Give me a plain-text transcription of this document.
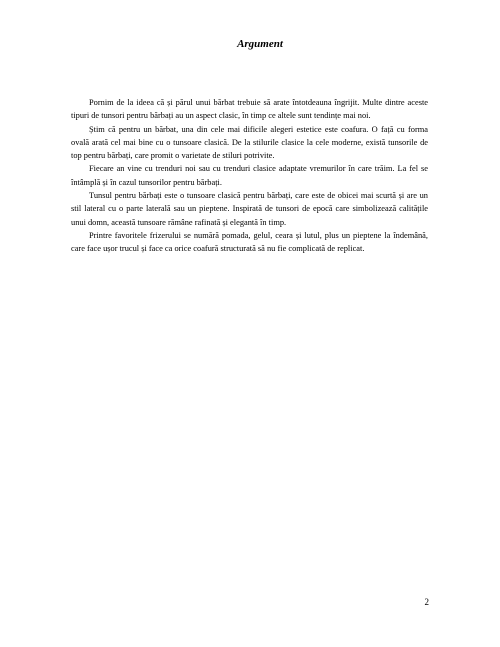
Argument

Pornim de la ideea că și părul unui bărbat trebuie să arate întotdeauna îngrijit. Multe dintre aceste tipuri de tunsori pentru bărbați au un aspect clasic, în timp ce altele sunt tendințe mai noi.

Știm că pentru un bărbat, una din cele mai dificile alegeri estetice este coafura. O față cu forma ovală arată cel mai bine cu o tunsoare clasică. De la stilurile clasice la cele moderne, există tunsorile de top pentru bărbați, care promit o varietate de stiluri potrivite.

Fiecare an vine cu trenduri noi sau cu trenduri clasice adaptate vremurilor în care trăim. La fel se întâmplă și în cazul tunsorilor pentru bărbați.

Tunsul pentru bărbați este o tunsoare clasică pentru bărbați, care este de obicei mai scurtă și are un stil lateral cu o parte laterală sau un pieptene. Inspirată de tunsori de epocă care simbolizează calitățile unui domn, această tunsoare rămâne rafinată și elegantă în timp.

Printre favoritele frizerului se numără pomada, gelul, ceara și lutul, plus un pieptene la îndemână, care face ușor trucul și face ca orice coafură structurată să nu fie complicată de replicat.

2
